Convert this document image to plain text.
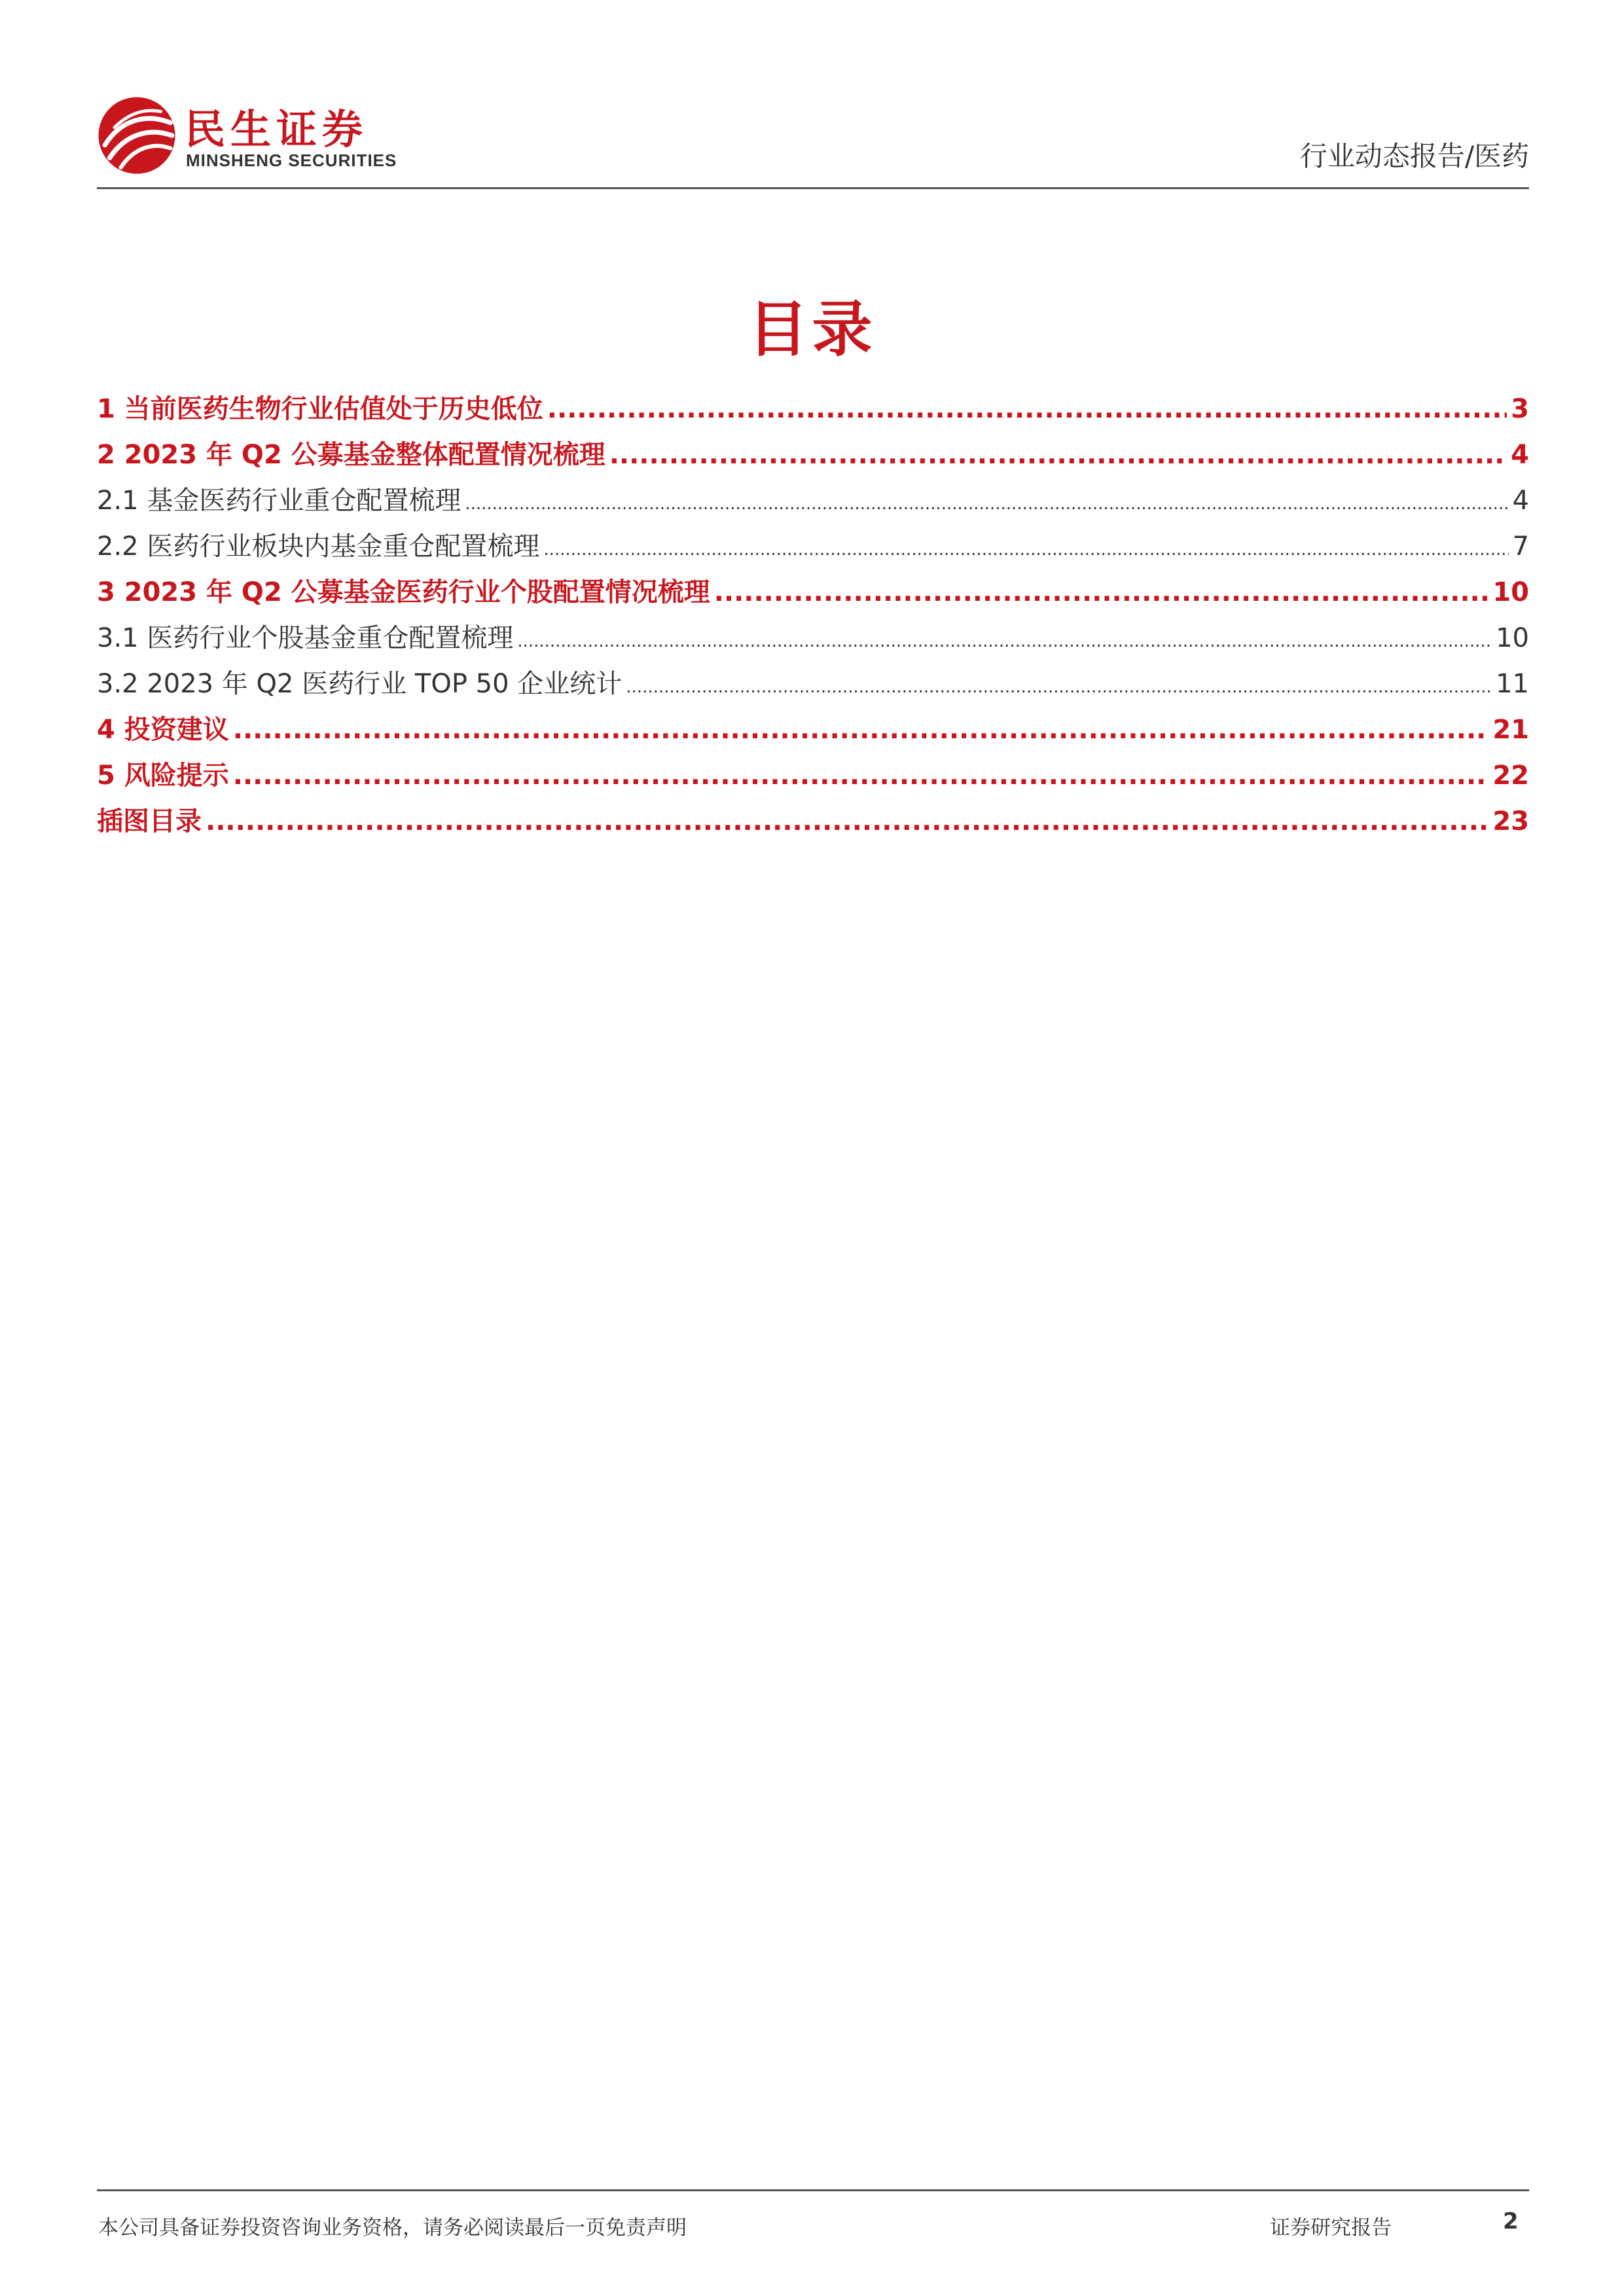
民生证券
MINSHENG SECURITIES	行业动态报告/医药
目录
1 当前医药生物行业估值处于历史低位 .....	3
2 2023 年 Q2 公募基金整体配置情况梳理 .....	4
2.1 基金医药行业重仓配置梳理 .....	4
2.2 医药行业板块内基金重仓配置梳理 .....	7
3 2023 年 Q2 公募基金医药行业个股配置情况梳理 .....	10
3.1 医药行业个股基金重仓配置梳理 .....	10
3.2 2023 年 Q2 医药行业 TOP 50 企业统计 .....	11
4 投资建议 .....	21
5 风险提示 .....	22
插图目录 .....	23
本公司具备证券投资咨询业务资格，请务必阅读最后一页免责声明	证券研究报告	2
